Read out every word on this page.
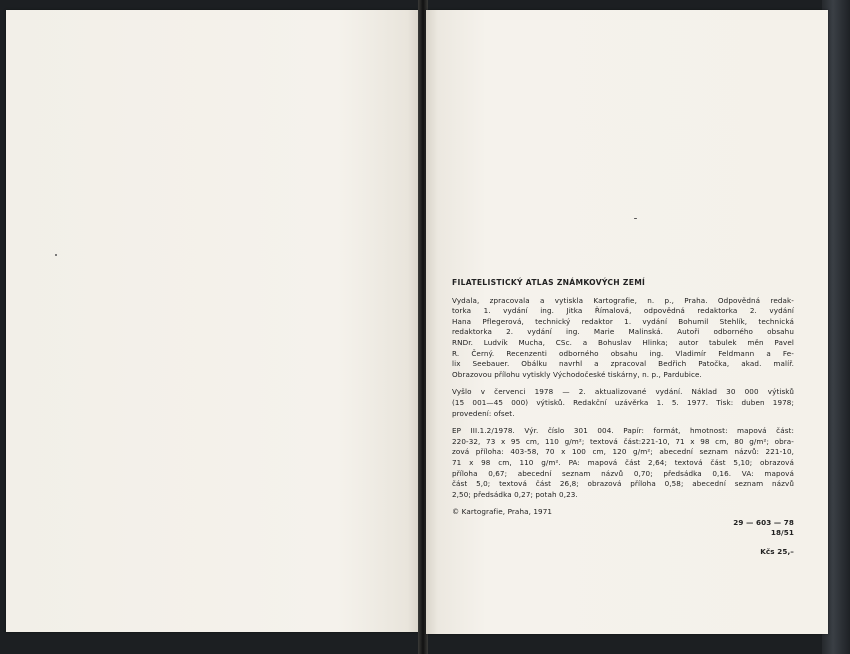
FILATELISTICKÝ ATLAS ZNÁMKOVÝCH ZEMÍ
Vydala, zpracovala a vytiskla Kartografie, n. p., Praha. Odpovědná redak-
torka 1. vydání ing. Jitka Římalová, odpovědná redaktorka 2. vydání
Hana Pflegerová, technický redaktor 1. vydání Bohumil Stehlík, technická
redaktorka 2. vydání ing. Marie Malinská. Autoři odborného obsahu
RNDr. Ludvík Mucha, CSc. a Bohuslav Hlinka; autor tabulek měn Pavel
R. Černý. Recenzenti odborného obsahu ing. Vladimír Feldmann a Fe-
lix Seebauer. Obálku navrhl a zpracoval Bedřich Patočka, akad. malíř.
Obrazovou přílohu vytiskly Východočeské tiskárny, n. p., Pardubice.
Vyšlo v červenci 1978 — 2. aktualizované vydání. Náklad 30 000 výtisků
(15 001—45 000) výtisků. Redakční uzávěrka 1. 5. 1977. Tisk: duben 1978;
provedení: ofset.
EP III.1.2/1978. Výr. číslo 301 004. Papír: formát, hmotnost: mapová část:
220-32, 73 x 95 cm, 110 g/m²; textová část:221-10, 71 x 98 cm, 80 g/m²; obra-
zová příloha: 403-58, 70 x 100 cm, 120 g/m²; abecední seznam názvů: 221-10,
71 x 98 cm, 110 g/m². PA: mapová část 2,64; textová část 5,10; obrazová
příloha 0,67; abecední seznam názvů 0,70; předsádka 0,16. VA: mapová
část 5,0; textová část 26,8; obrazová příloha 0,58; abecední seznam názvů
2,50; předsádka 0,27; potah 0,23.
© Kartografie, Praha, 1971
29 — 603 — 78
18/51
Kčs 25,–
